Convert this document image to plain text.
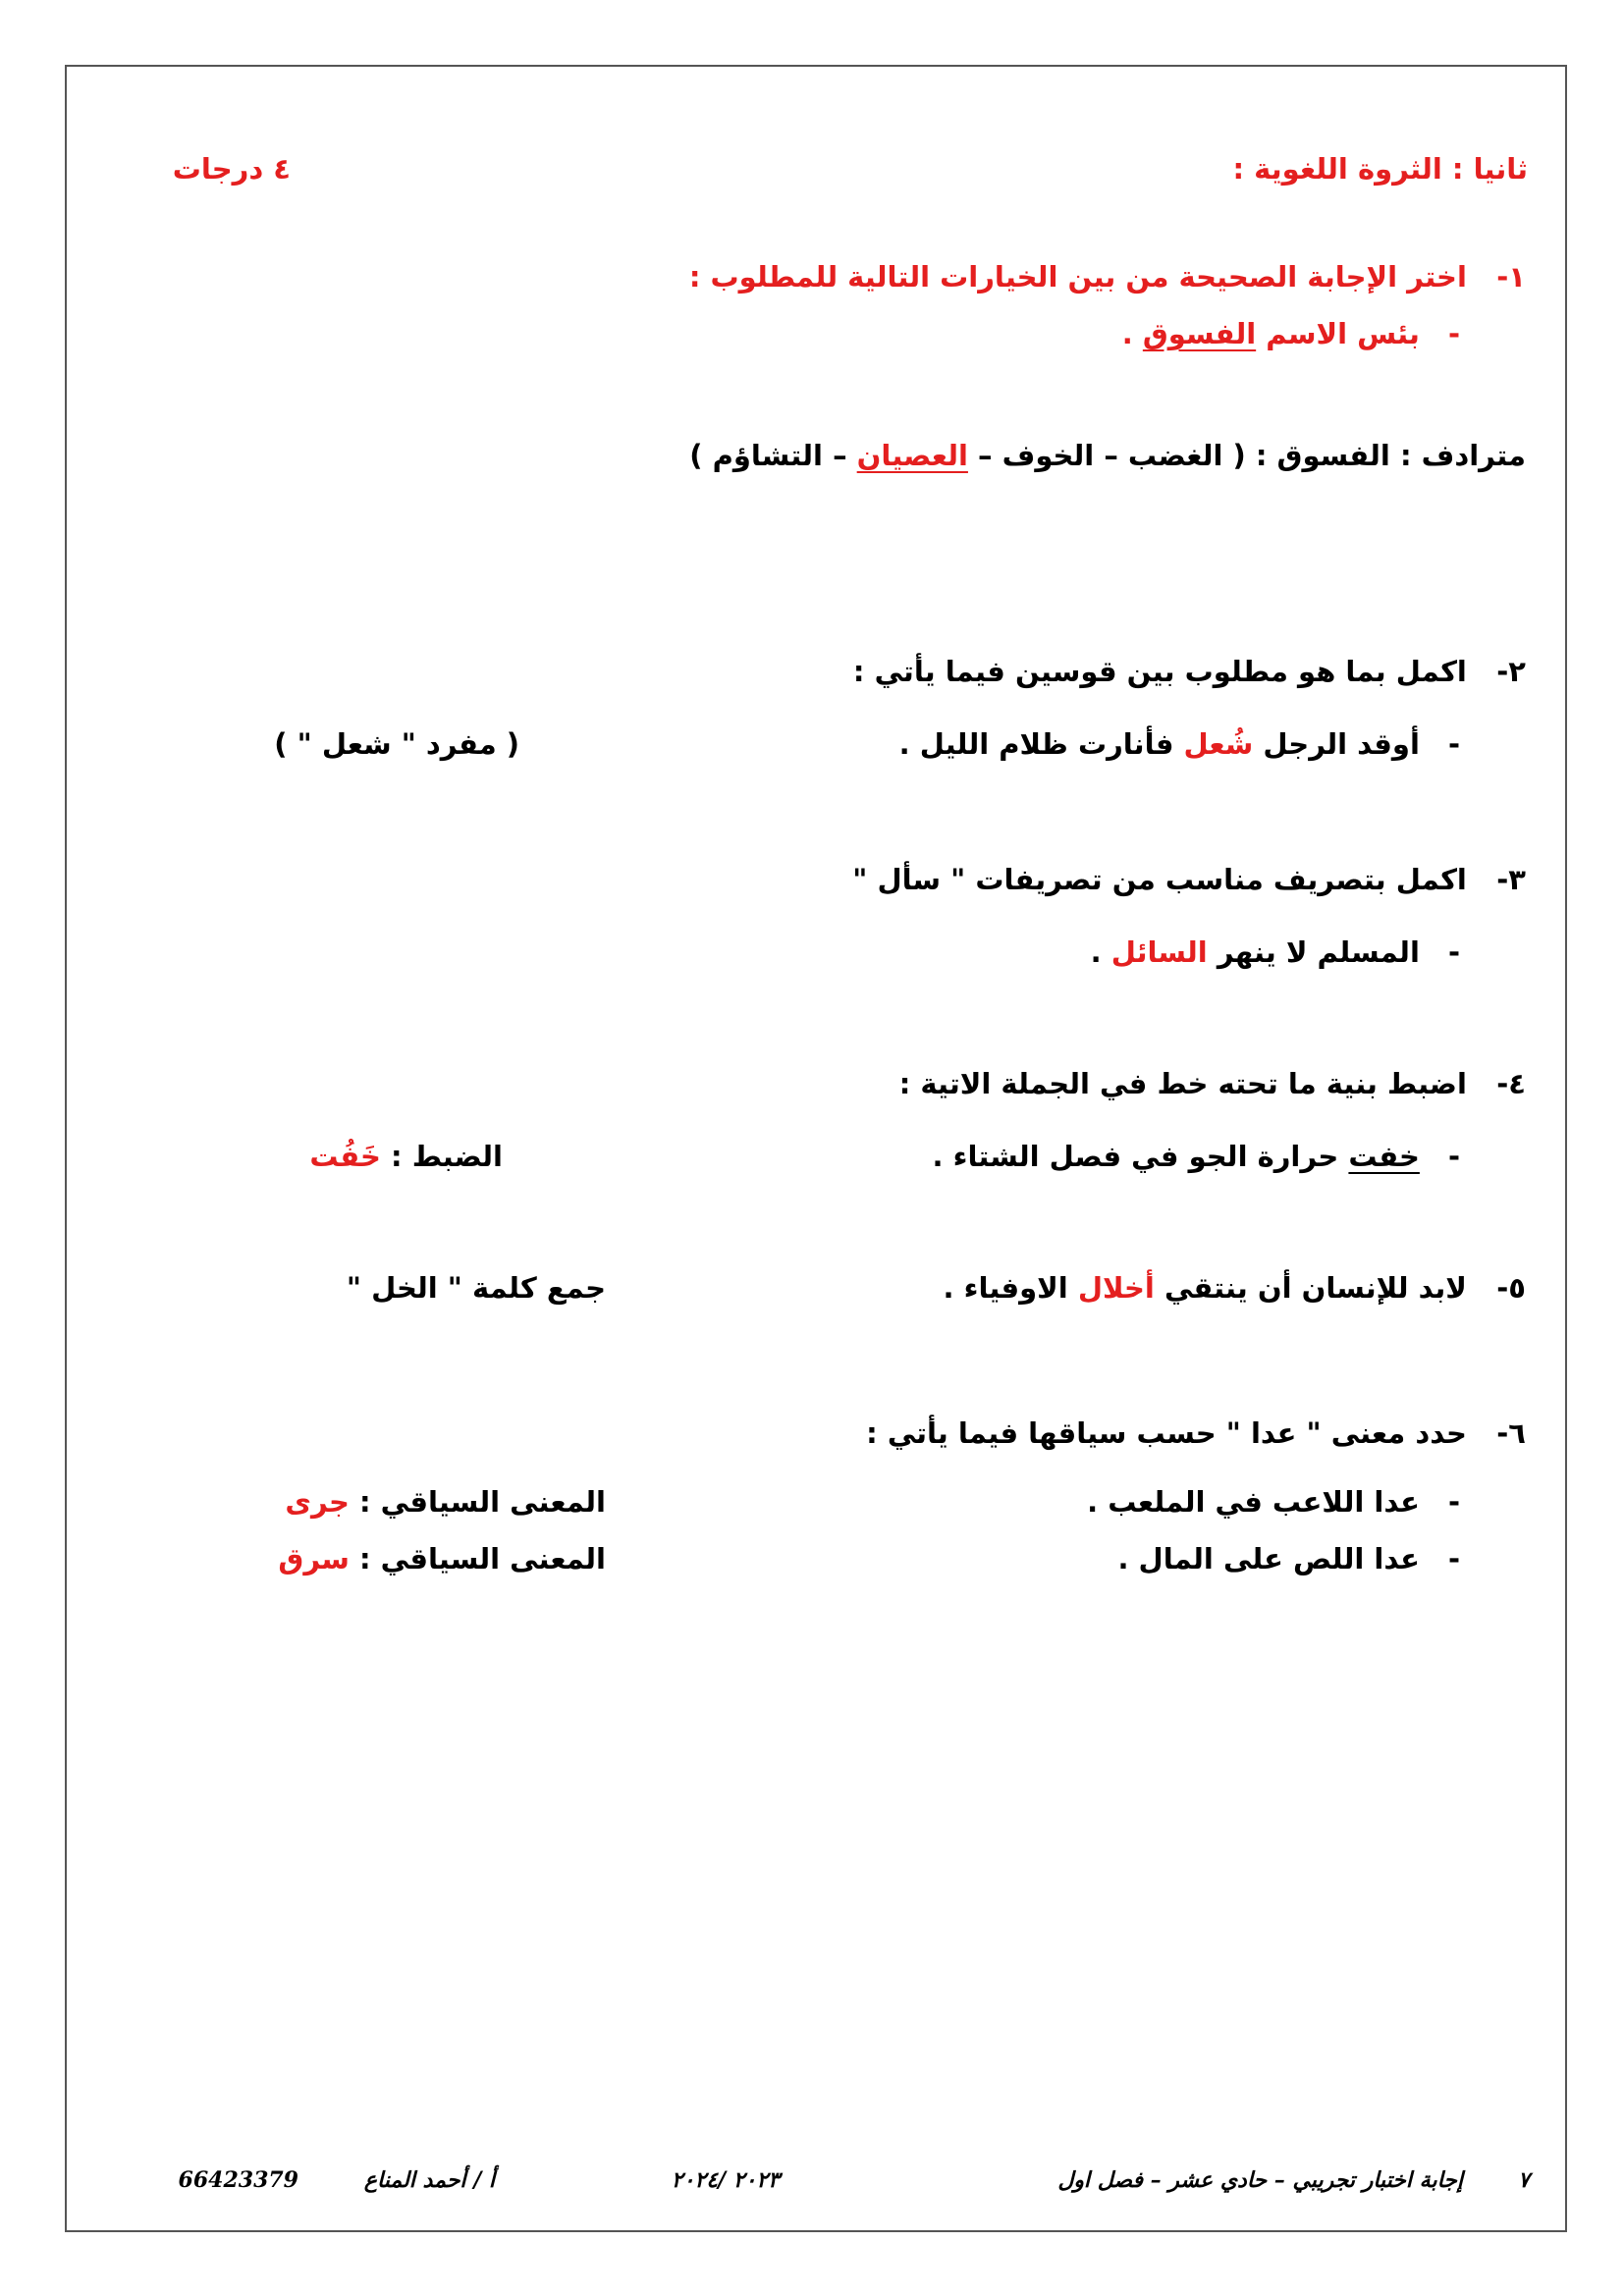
ثانيا : الثروة اللغوية :
٤ درجات
١- اختر الإجابة الصحيحة من بين الخيارات التالية للمطلوب :
- بئس الاسم الفسوق .
مترادف : الفسوق : ( الغضب – الخوف – العصيان – التشاؤم )
٢- اكمل بما هو مطلوب بين قوسين فيما يأتي :
- أوقد الرجل شُعل فأنارت ظلام الليل .
( مفرد " شعل " )
٣- اكمل بتصريف مناسب من تصريفات " سأل "
- المسلم لا ينهر السائل .
٤- اضبط بنية ما تحته خط في الجملة الاتية :
- خفت حرارة الجو في فصل الشتاء .
الضبط : خَفُت
٥- لابد للإنسان أن ينتقي أخلال الاوفياء .
جمع كلمة " الخل "
٦- حدد معنى " عدا " حسب سياقها فيما يأتي :
- عدا اللاعب في الملعب .
المعنى السياقي : جرى
- عدا اللص على المال .
المعنى السياقي : سرق
٧
إجابة اختبار تجريبي – حادي عشر – فصل اول
٢٠٢٣ /٢٠٢٤
أ / أحمد المناع
66423379
